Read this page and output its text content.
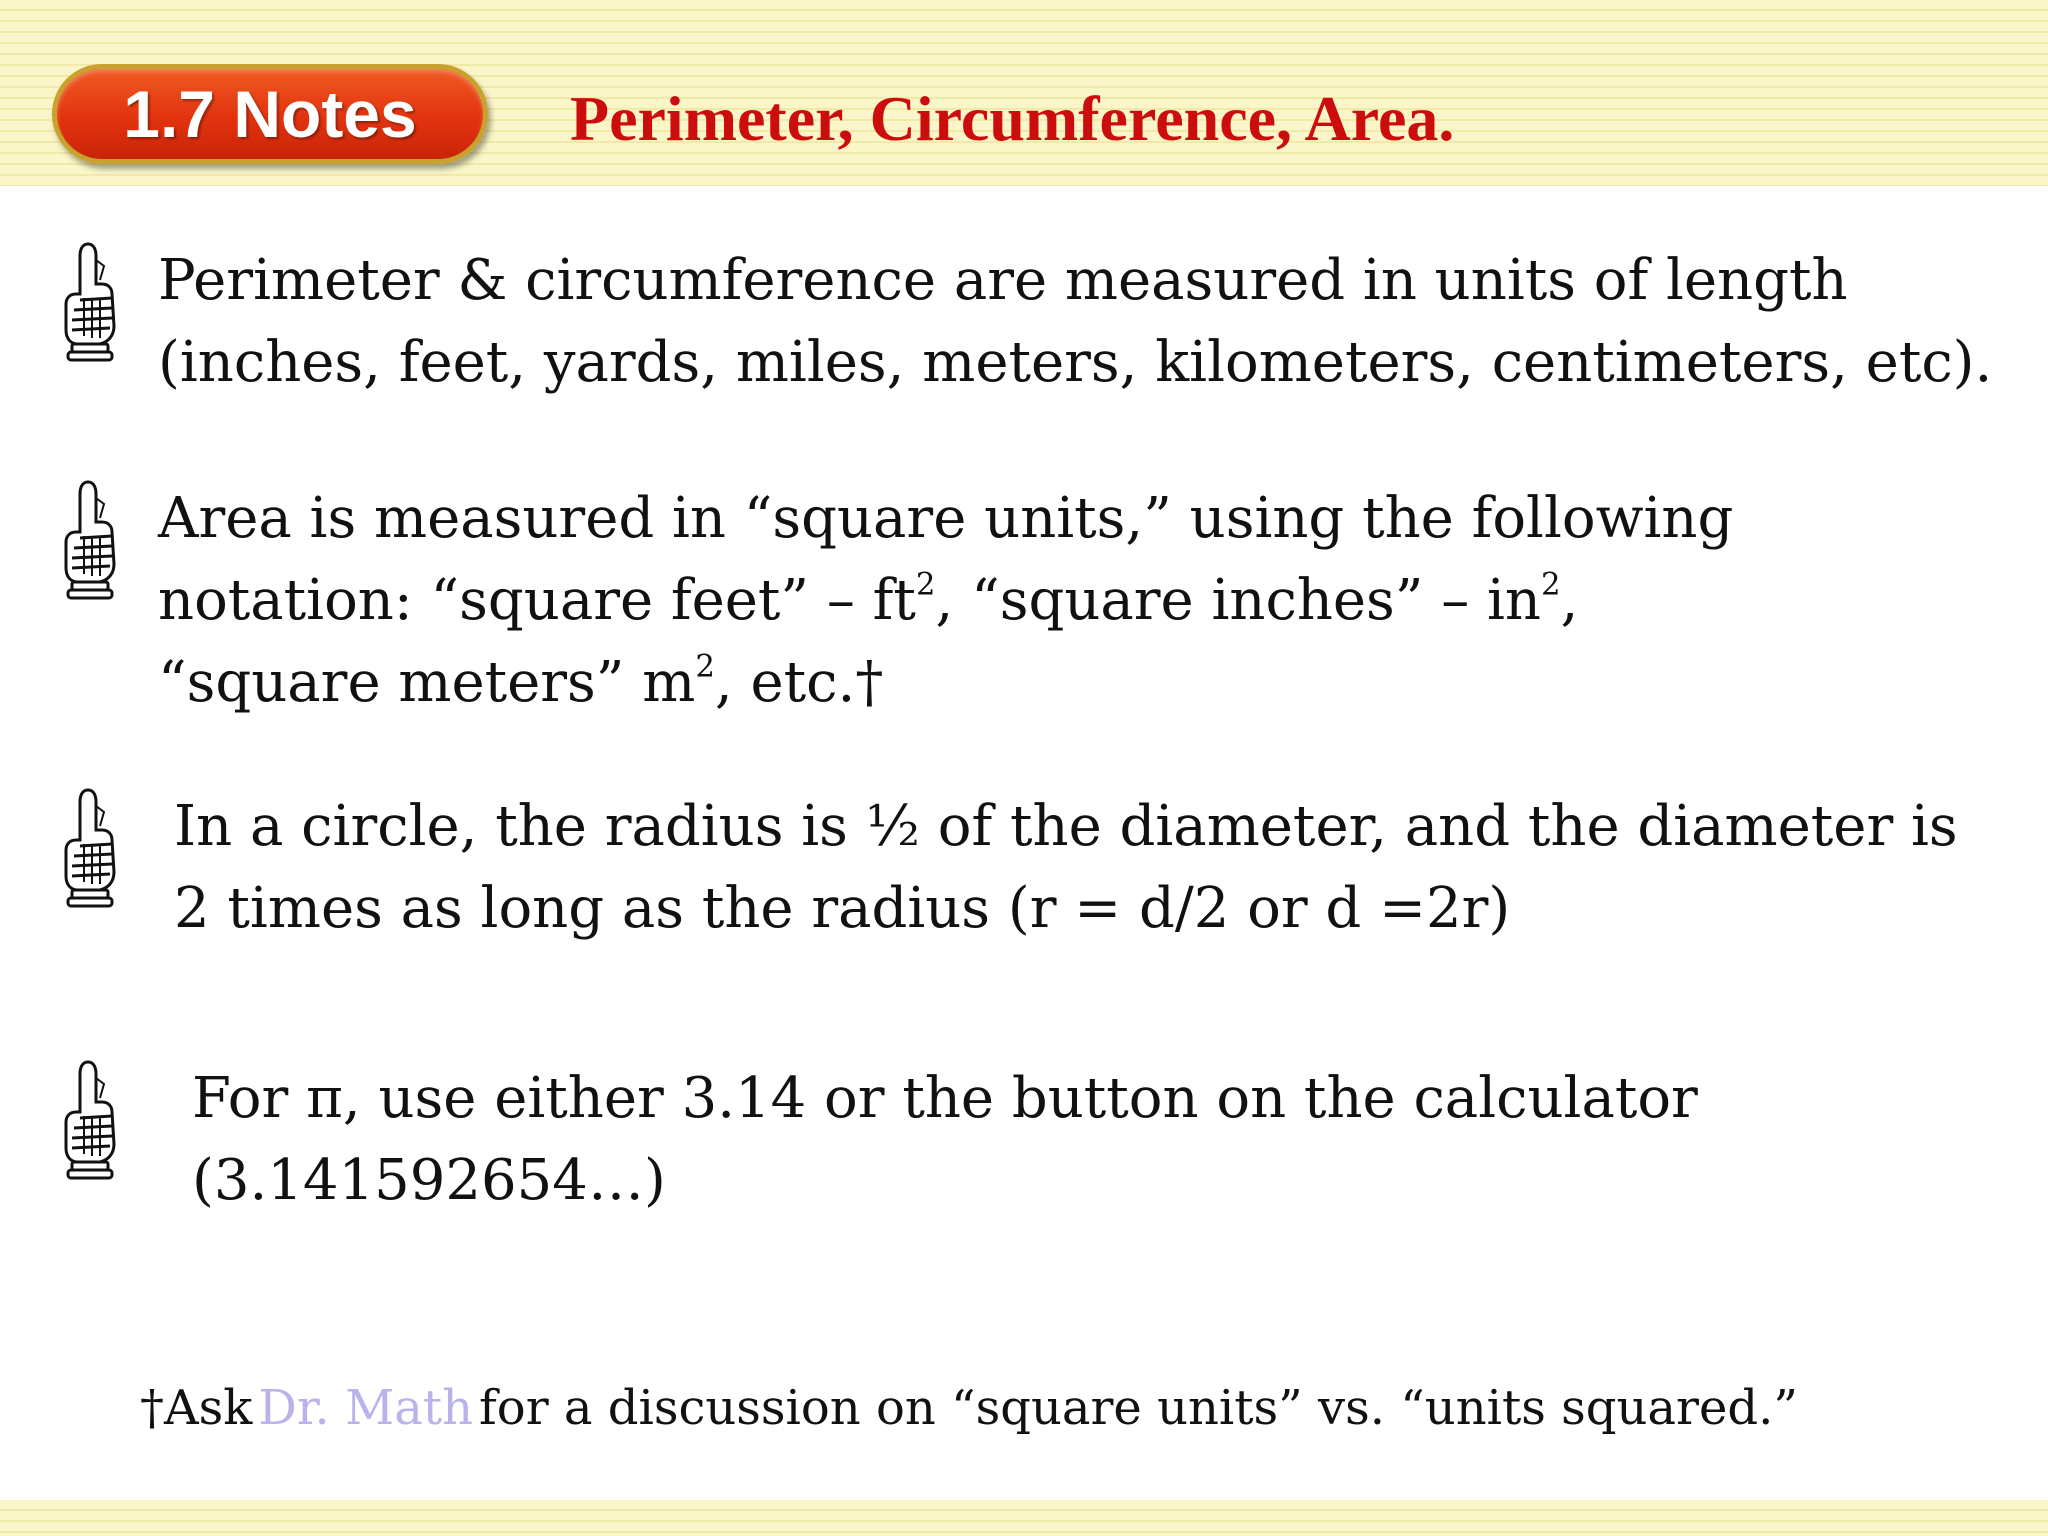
1.7 Notes Perimeter, Circumference, Area.
Perimeter & circumference are measured in units of length
(inches, feet, yards, miles, meters, kilometers, centimeters, etc).
Area is measured in “square units,” using the following
notation: “square feet” – $ft^2$, “square inches” – $in^2$,
“square meters” $m^2$, etc.†
In a circle, the radius is ½ of the diameter, and the diameter is
2 times as long as the radius (r = d/2 or d =2r)
For π, use either 3.14 or the button on the calculator
(3.141592654…)
†Ask Dr. Math for a discussion on “square units” vs. “units squared.”
